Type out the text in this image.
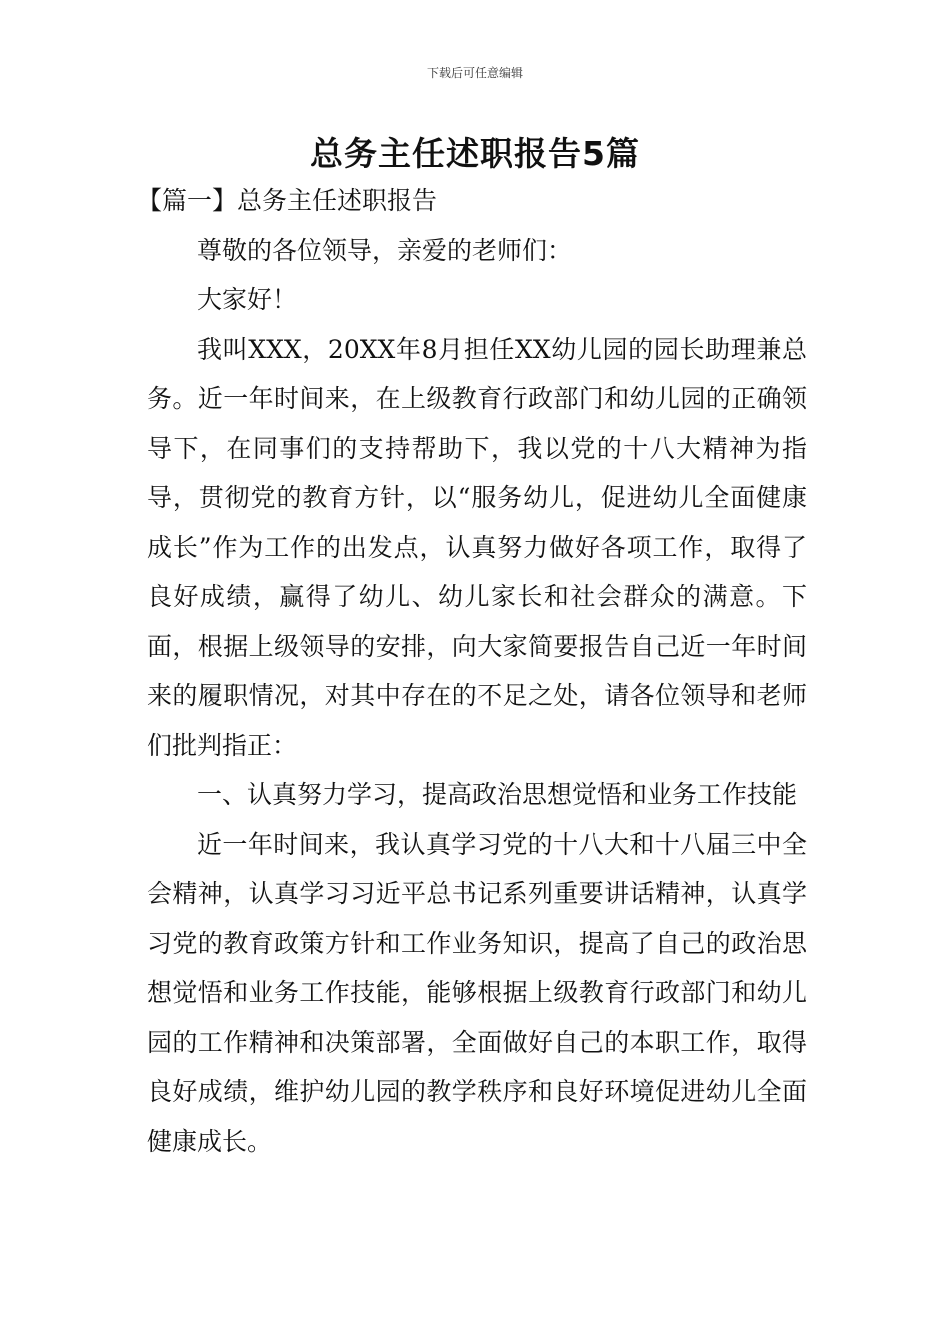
下载后可任意编辑
总务主任述职报告5篇

【篇一】总务主任述职报告

尊敬的各位领导，亲爱的老师们：

大家好！

我叫XXX，20XX年8月担任XX幼儿园的园长助理兼总务。近一年时间来，在上级教育行政部门和幼儿园的正确领导下，在同事们的支持帮助下，我以党的十八大精神为指导，贯彻党的教育方针，以“服务幼儿，促进幼儿全面健康成长”作为工作的出发点，认真努力做好各项工作，取得了良好成绩，赢得了幼儿、幼儿家长和社会群众的满意。下面，根据上级领导的安排，向大家简要报告自己近一年时间来的履职情况，对其中存在的不足之处，请各位领导和老师们批判指正：

一、认真努力学习，提高政治思想觉悟和业务工作技能

近一年时间来，我认真学习党的十八大和十八届三中全会精神，认真学习习近平总书记系列重要讲话精神，认真学习党的教育政策方针和工作业务知识，提高了自己的政治思想觉悟和业务工作技能，能够根据上级教育行政部门和幼儿园的工作精神和决策部署，全面做好自己的本职工作，取得良好成绩，维护幼儿园的教学秩序和良好环境促进幼儿全面健康成长。
